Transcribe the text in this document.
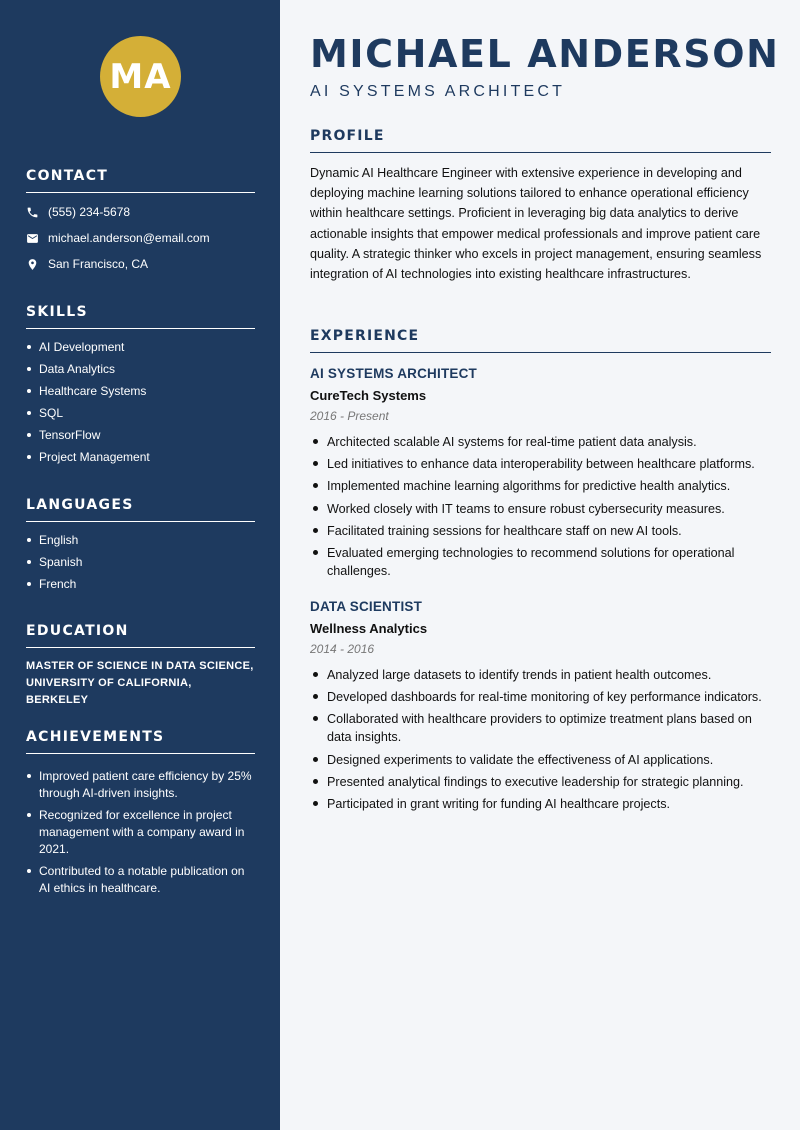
MA
CONTACT
(555) 234-5678
michael.anderson@email.com
San Francisco, CA
SKILLS
AI Development
Data Analytics
Healthcare Systems
SQL
TensorFlow
Project Management
LANGUAGES
English
Spanish
French
EDUCATION
MASTER OF SCIENCE IN DATA SCIENCE,
UNIVERSITY OF CALIFORNIA, BERKELEY
ACHIEVEMENTS
Improved patient care efficiency by 25% through AI-driven insights.
Recognized for excellence in project management with a company award in 2021.
Contributed to a notable publication on AI ethics in healthcare.
MICHAEL ANDERSON
AI SYSTEMS ARCHITECT
PROFILE

Dynamic AI Healthcare Engineer with extensive experience in developing and deploying machine learning solutions tailored to enhance operational efficiency within healthcare settings. Proficient in leveraging big data analytics to derive actionable insights that empower medical professionals and improve patient care quality. A strategic thinker who excels in project management, ensuring seamless integration of AI technologies into existing healthcare infrastructures.

EXPERIENCE
AI SYSTEMS ARCHITECT
CureTech Systems
2016 - Present
Architected scalable AI systems for real-time patient data analysis.
Led initiatives to enhance data interoperability between healthcare platforms.
Implemented machine learning algorithms for predictive health analytics.
Worked closely with IT teams to ensure robust cybersecurity measures.
Facilitated training sessions for healthcare staff on new AI tools.
Evaluated emerging technologies to recommend solutions for operational challenges.
DATA SCIENTIST
Wellness Analytics
2014 - 2016
Analyzed large datasets to identify trends in patient health outcomes.
Developed dashboards for real-time monitoring of key performance indicators.
Collaborated with healthcare providers to optimize treatment plans based on data insights.
Designed experiments to validate the effectiveness of AI applications.
Presented analytical findings to executive leadership for strategic planning.
Participated in grant writing for funding AI healthcare projects.
